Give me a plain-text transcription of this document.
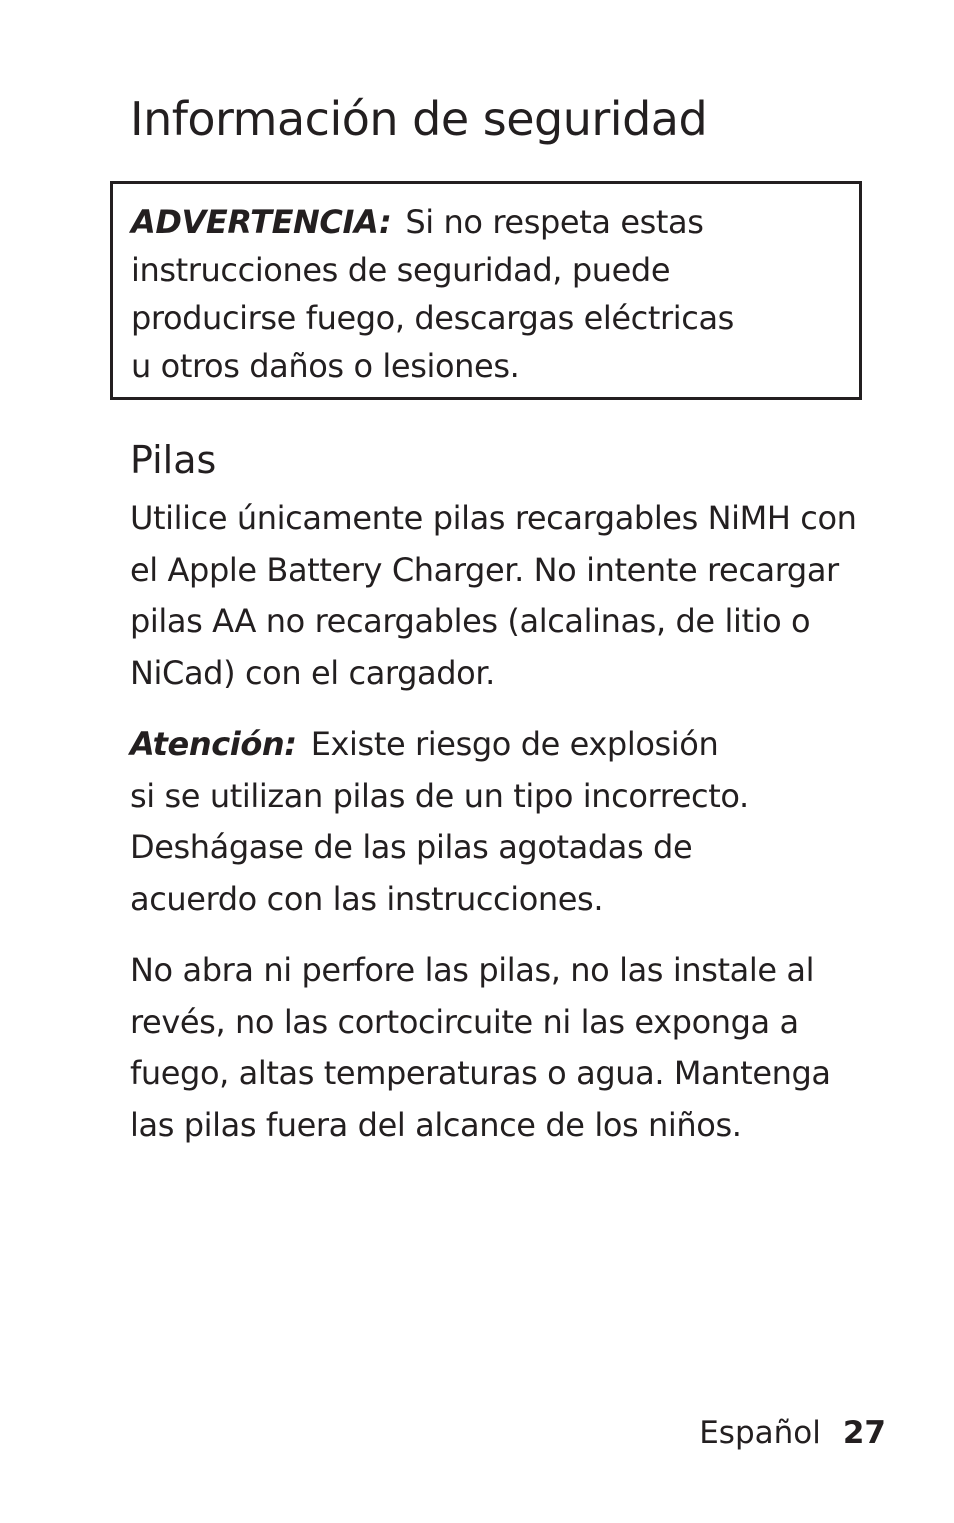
Información de seguridad
ADVERTENCIA: Si no respeta estas
instrucciones de seguridad, puede
producirse fuego, descargas eléctricas
u otros daños o lesiones.
Pilas

Utilice únicamente pilas recargables NiMH con
el Apple Battery Charger. No intente recargar
pilas AA no recargables (alcalinas, de litio o
NiCad) con el cargador.

Atención: Existe riesgo de explosión
si se utilizan pilas de un tipo incorrecto.
Deshágase de las pilas agotadas de
acuerdo con las instrucciones.

No abra ni perfore las pilas, no las instale al
revés, no las cortocircuite ni las exponga a
fuego, altas temperaturas o agua. Mantenga
las pilas fuera del alcance de los niños.

Español 27
